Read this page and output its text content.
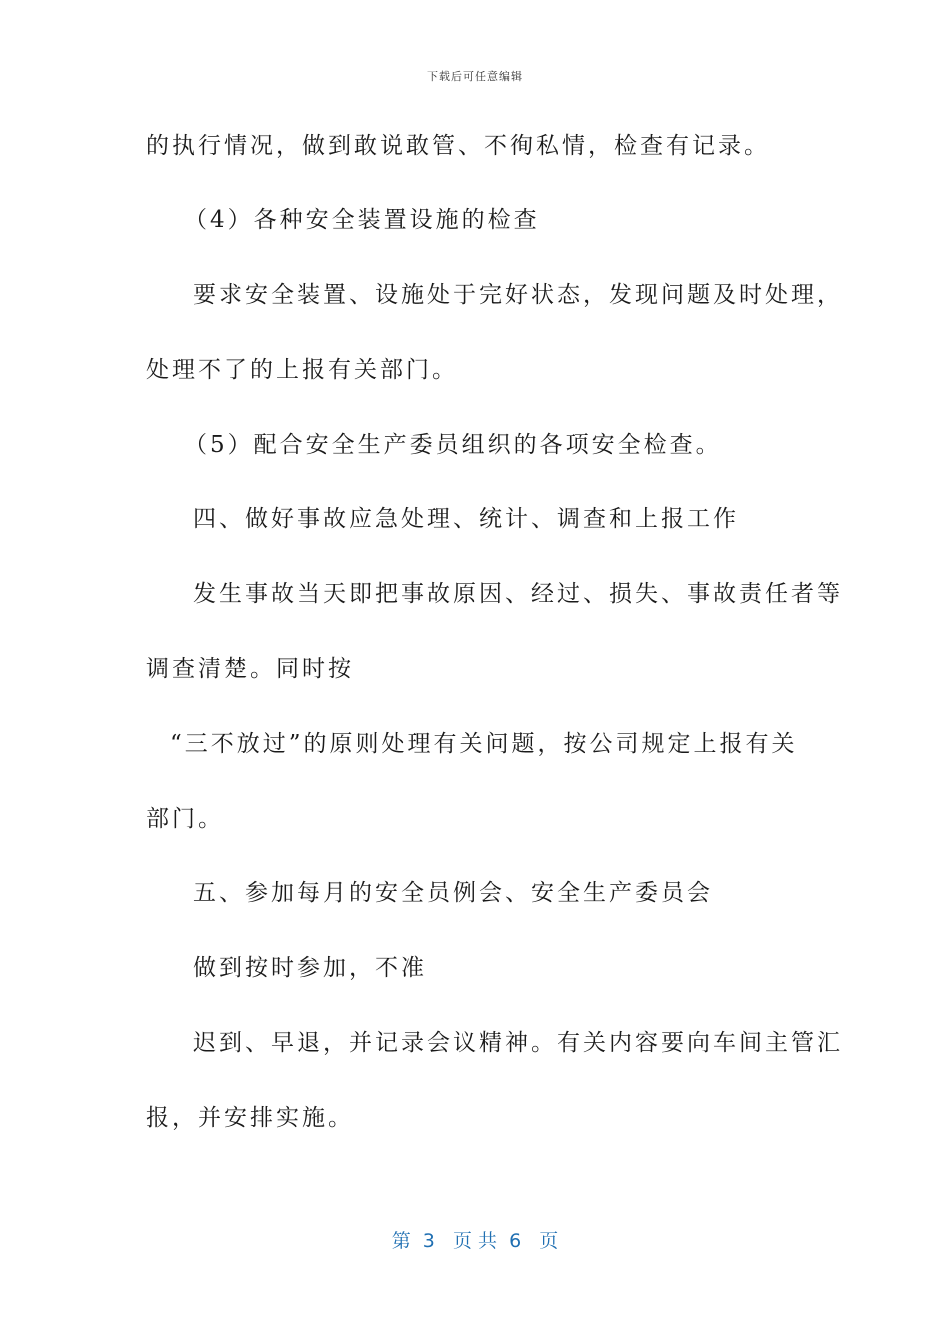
下载后可任意编辑
的执行情况，做到敢说敢管、不徇私情，检查有记录。
（4）各种安全装置设施的检查
要求安全装置、设施处于完好状态，发现问题及时处理，
处理不了的上报有关部门。
（5）配合安全生产委员组织的各项安全检查。
四、做好事故应急处理、统计、调查和上报工作
发生事故当天即把事故原因、经过、损失、事故责任者等
调查清楚。同时按
“三不放过”的原则处理有关问题，按公司规定上报有关
部门。
五、参加每月的安全员例会、安全生产委员会
做到按时参加，不准
迟到、早退，并记录会议精神。有关内容要向车间主管汇
报，并安排实施。
第  3   页 共  6   页
